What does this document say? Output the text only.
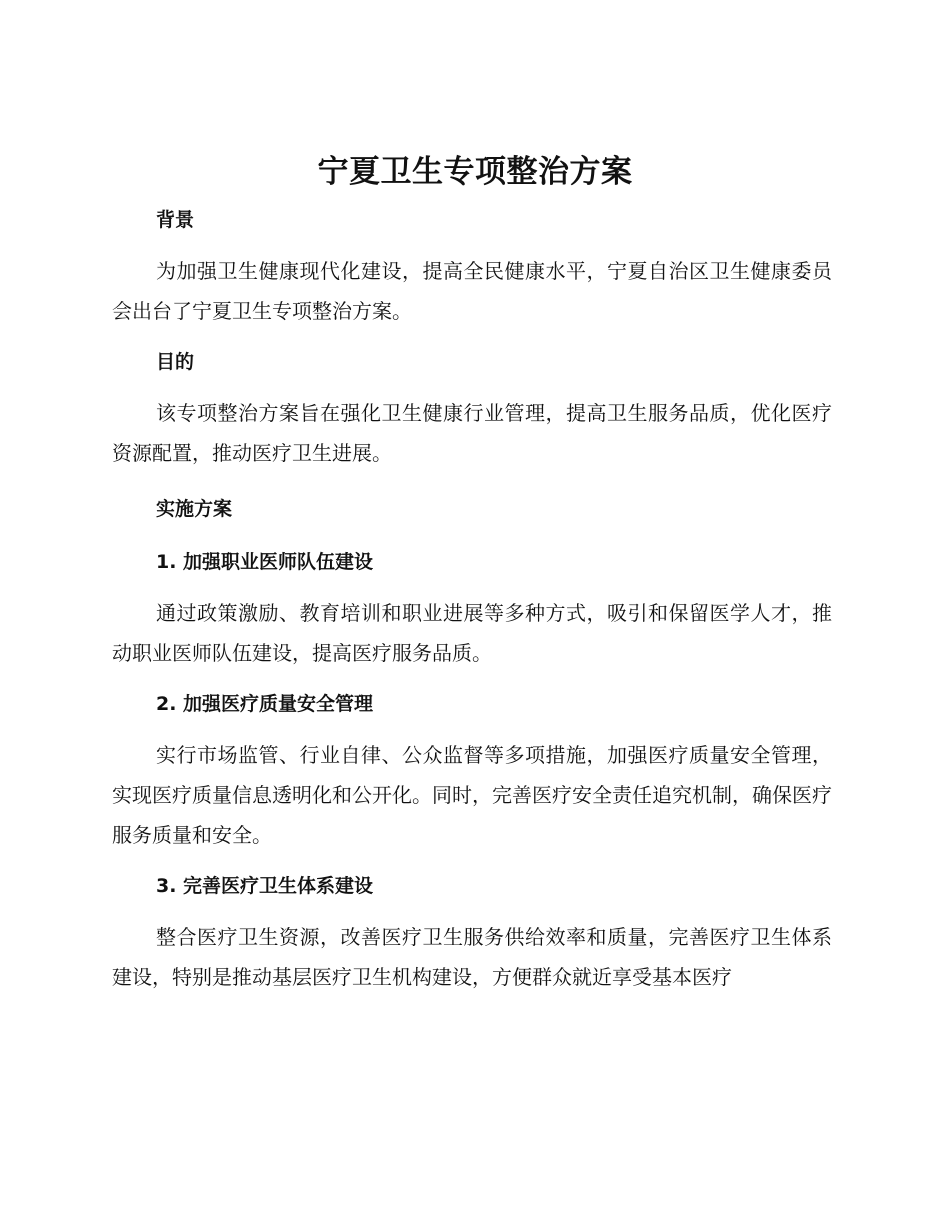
宁夏卫生专项整治方案
背景

为加强卫生健康现代化建设，提高全民健康水平，宁夏自治区卫生健康委员会出台了宁夏卫生专项整治方案。

目的

该专项整治方案旨在强化卫生健康行业管理，提高卫生服务品质，优化医疗资源配置，推动医疗卫生进展。

实施方案
1. 加强职业医师队伍建设

通过政策激励、教育培训和职业进展等多种方式，吸引和保留医学人才，推动职业医师队伍建设，提高医疗服务品质。

2. 加强医疗质量安全管理

实行市场监管、行业自律、公众监督等多项措施，加强医疗质量安全管理，实现医疗质量信息透明化和公开化。同时，完善医疗安全责任追究机制，确保医疗服务质量和安全。

3. 完善医疗卫生体系建设

整合医疗卫生资源，改善医疗卫生服务供给效率和质量，完善医疗卫生体系建设，特别是推动基层医疗卫生机构建设，方便群众就近享受基本医疗
